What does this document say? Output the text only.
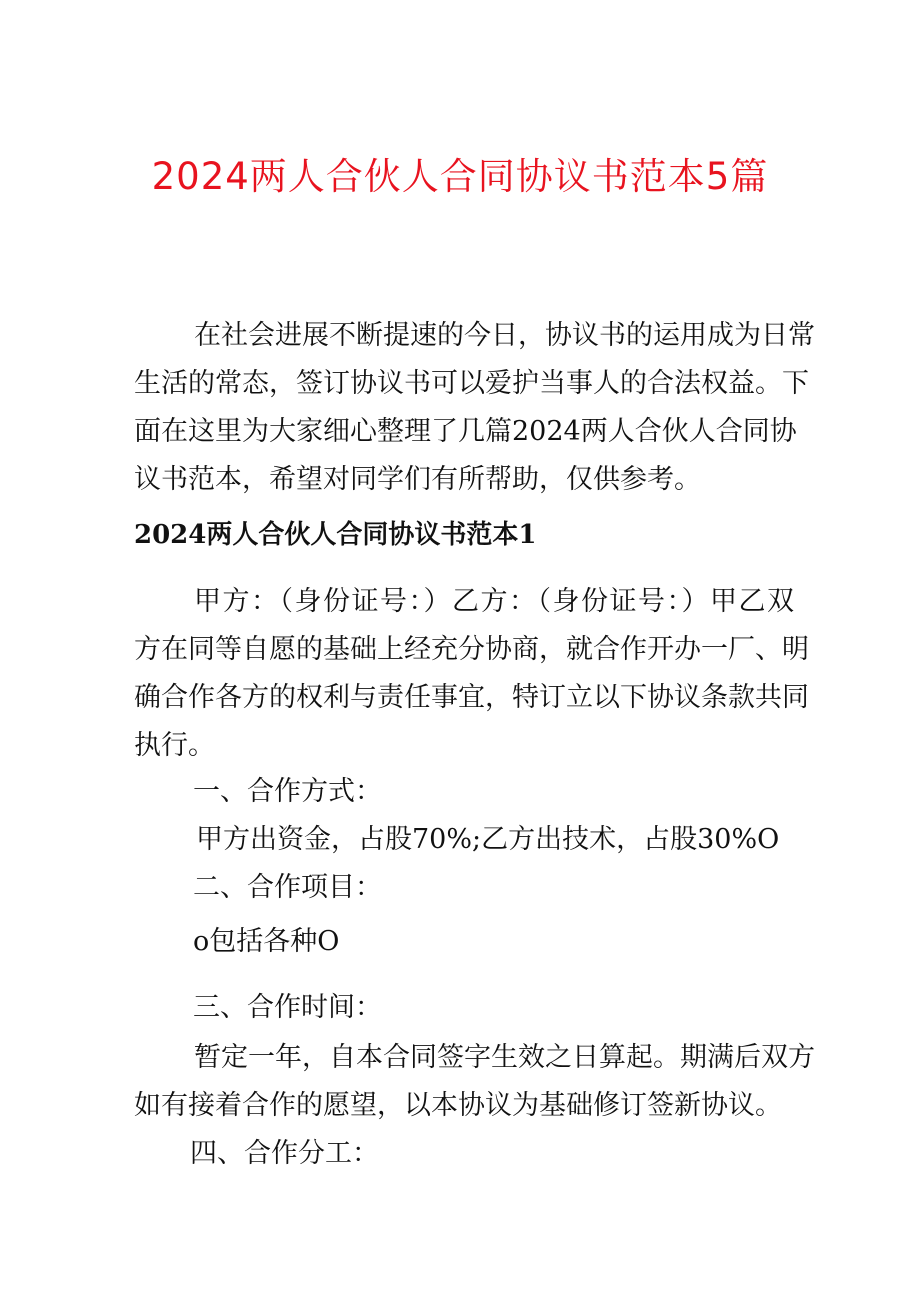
2024两人合伙人合同协议书范本5篇
在社会进展不断提速的今日，协议书的运用成为日常
生活的常态，签订协议书可以爱护当事人的合法权益。下
面在这里为大家细心整理了几篇2024两人合伙人合同协
议书范本，希望对同学们有所帮助，仅供参考。
2024两人合伙人合同协议书范本1
甲方：（身份证号：）乙方：（身份证号：）甲乙双
方在同等自愿的基础上经充分协商，就合作开办一厂、明
确合作各方的权利与责任事宜，特订立以下协议条款共同
执行。
一、合作方式：
甲方出资金，占股70%;乙方出技术，占股30%O
二、合作项目：
o包括各种O
三、合作时间：
暂定一年，自本合同签字生效之日算起。期满后双方
如有接着合作的愿望，以本协议为基础修订签新协议。
四、合作分工：
